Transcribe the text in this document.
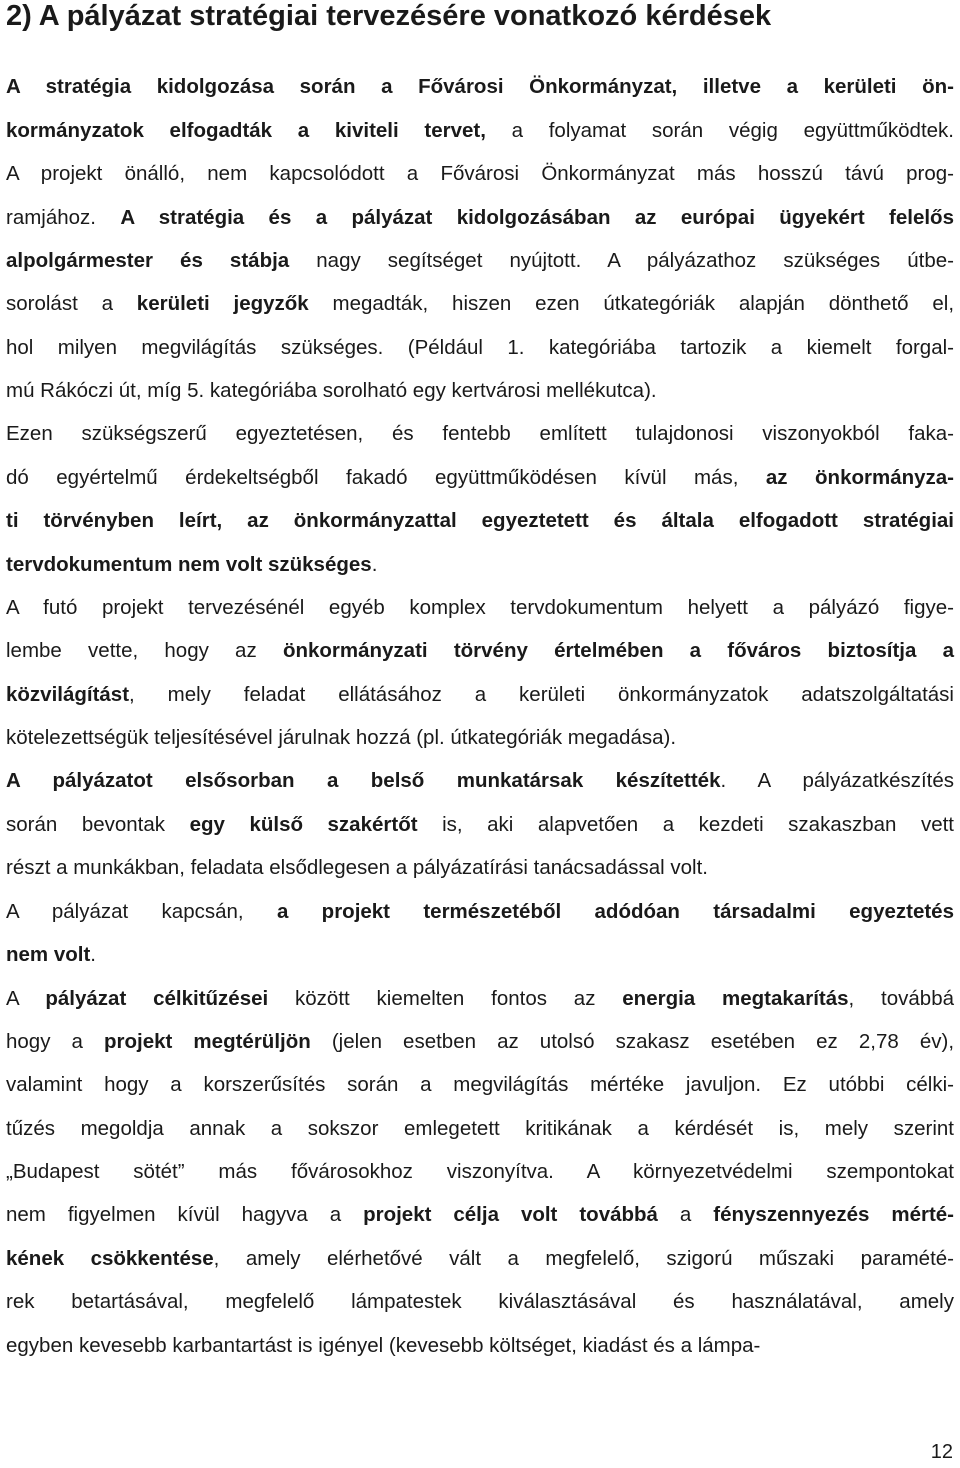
2) A pályázat stratégiai tervezésére vonatkozó kérdések
A stratégia kidolgozása során a Fővárosi Önkormányzat, illetve a kerületi ön-
kormányzatok elfogadták a kiviteli tervet, a folyamat során végig együttműködtek.
A projekt önálló, nem kapcsolódott a Fővárosi Önkormányzat más hosszú távú prog-
ramjához. A stratégia és a pályázat kidolgozásában az európai ügyekért felelős
alpolgármester és stábja nagy segítséget nyújtott. A pályázathoz szükséges útbe-
sorolást a kerületi jegyzők megadták, hiszen ezen útkategóriák alapján dönthető el,
hol milyen megvilágítás szükséges. (Például 1. kategóriába tartozik a kiemelt forgal-
mú Rákóczi út, míg 5. kategóriába sorolható egy kertvárosi mellékutca).
Ezen szükségszerű egyeztetésen, és fentebb említett tulajdonosi viszonyokból faka-
dó egyértelmű érdekeltségből fakadó együttműködésen kívül más, az önkormányza-
ti törvényben leírt, az önkormányzattal egyeztetett és általa elfogadott stratégiai
tervdokumentum nem volt szükséges.
A futó projekt tervezésénél egyéb komplex tervdokumentum helyett a pályázó figye-
lembe vette, hogy az önkormányzati törvény értelmében a főváros biztosítja a
közvilágítást, mely feladat ellátásához a kerületi önkormányzatok adatszolgáltatási
kötelezettségük teljesítésével járulnak hozzá (pl. útkategóriák megadása).
A pályázatot elsősorban a belső munkatársak készítették. A pályázatkészítés
során bevontak egy külső szakértőt is, aki alapvetően a kezdeti szakaszban vett
részt a munkákban, feladata elsődlegesen a pályázatírási tanácsadással volt.
A pályázat kapcsán, a projekt természetéből adódóan társadalmi egyeztetés
nem volt.
A pályázat célkitűzései között kiemelten fontos az energia megtakarítás, továbbá
hogy a projekt megtérüljön (jelen esetben az utolsó szakasz esetében ez 2,78 év),
valamint hogy a korszerűsítés során a megvilágítás mértéke javuljon. Ez utóbbi célki-
tűzés megoldja annak a sokszor emlegetett kritikának a kérdését is, mely szerint
„Budapest sötét” más fővárosokhoz viszonyítva. A környezetvédelmi szempontokat
nem figyelmen kívül hagyva a projekt célja volt továbbá a fényszennyezés mérté-
kének csökkentése, amely elérhetővé vált a megfelelő, szigorú műszaki paramété-
rek betartásával, megfelelő lámpatestek kiválasztásával és használatával, amely
egyben kevesebb karbantartást is igényel (kevesebb költséget, kiadást és a lámpa-
12
